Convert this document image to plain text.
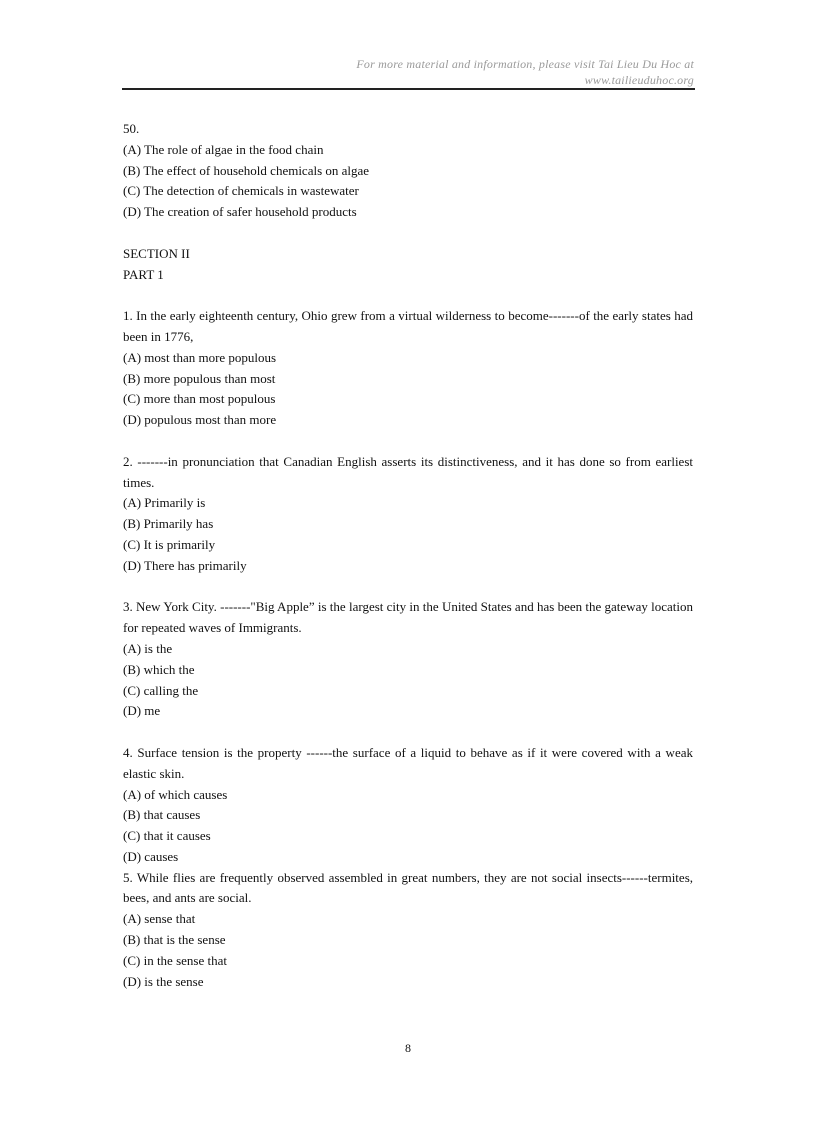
For more material and information, please visit Tai Lieu Du Hoc at
www.tailieuduhoc.org

50.

(A) The role of algae in the food chain

(B) The effect of household chemicals on algae

(C) The detection of chemicals in wastewater

(D) The creation of safer household products

SECTION II

PART 1

1. In the early eighteenth century, Ohio grew from a virtual wilderness to become-------of the early states had been in 1776,

(A) most than more populous

(B) more populous than most

(C) more than most populous

(D) populous most than more

2. -------in pronunciation that Canadian English asserts its distinctiveness, and it has done so from earliest times.

(A) Primarily is

(B) Primarily has

(C) It is primarily

(D) There has primarily

3. New York City. -------"Big Apple” is the largest city in the United States and has been the gateway location for repeated waves of Immigrants.

(A) is the

(B) which the

(C) calling the

(D) me

4. Surface tension is the property ------the surface of a liquid to behave as if it were covered with a weak elastic skin.

(A) of which causes

(B) that causes

(C) that it causes

(D) causes

5. While flies are frequently observed assembled in great numbers, they are not social insects------termites, bees, and ants are social.

(A) sense that

(B) that is the sense

(C) in the sense that

(D) is the sense

8
